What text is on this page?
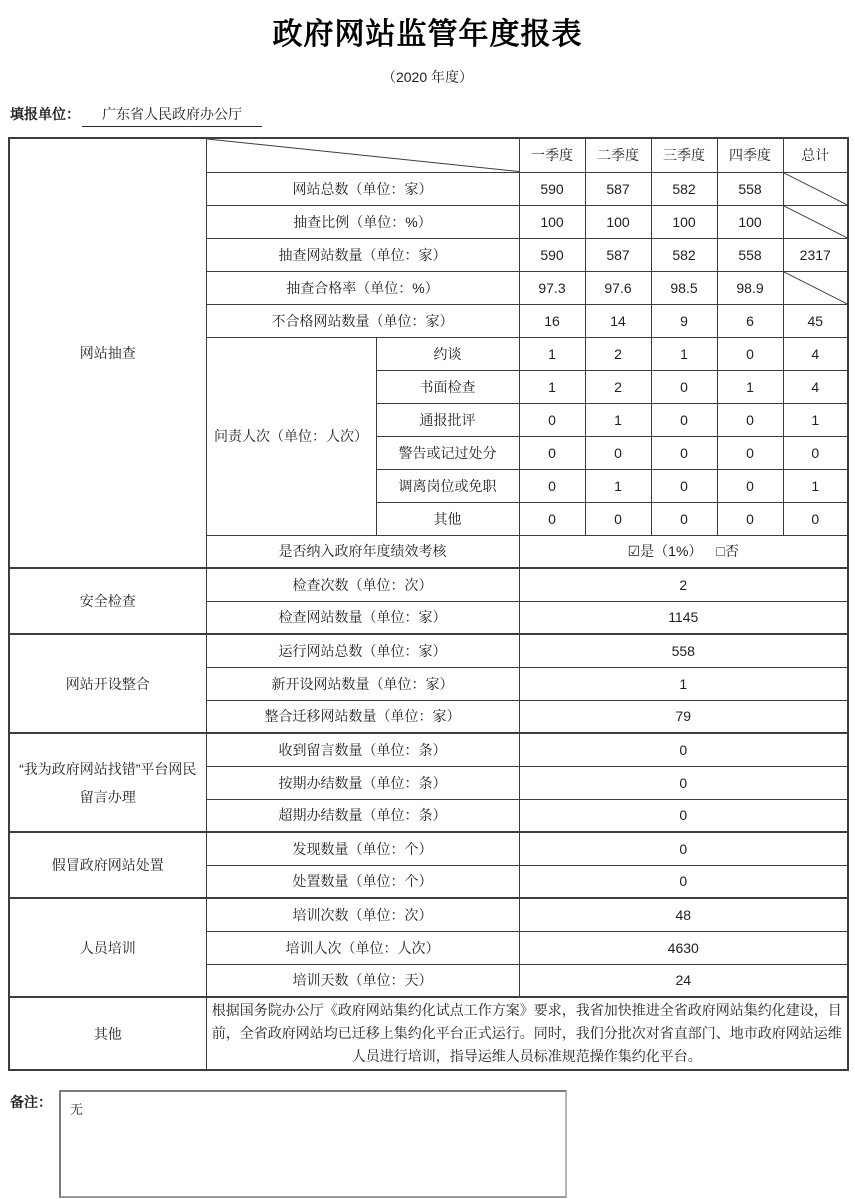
政府网站监管年度报表
（2020 年度）
填报单位： 广东省人民政府办公厅
网站抽查			一季度	二季度	三季度	四季度	总计
	网站总数（单位：家）		590	587	582	558	

	抽查比例（单位：%）		100	100	100	100	

	抽查网站数量（单位：家）		590	587	582	558	2317
	抽查合格率（单位：%）		97.3	97.6	98.5	98.9	

	不合格网站数量（单位：家）		16	14	9	6	45
	问责人次（单位：人次）	约谈	1	2	1	0	4
		书面检查	1	2	0	1	4
		通报批评	0	1	0	0	1
		警告或记过处分	0	0	0	0	0
		调离岗位或免职	0	1	0	0	1
		其他	0	0	0	0	0
	是否纳入政府年度绩效考核		☑是（1%） □否				
安全检查	检查次数（单位：次）		2				
	检查网站数量（单位：家）		1145				
网站开设整合	运行网站总数（单位：家）		558				
	新开设网站数量（单位：家）		1				
	整合迁移网站数量（单位：家）		79				
“我为政府网站找错”平台网民留言办理	收到留言数量（单位：条）		0				
	按期办结数量（单位：条）		0				
	超期办结数量（单位：条）		0				
假冒政府网站处置	发现数量（单位：个）		0				
	处置数量（单位：个）		0				
人员培训	培训次数（单位：次）		48				
	培训人次（单位：人次）		4630				
	培训天数（单位：天）		24				
其他	根据国务院办公厅《政府网站集约化试点工作方案》要求，我省加快推进全省政府网站集约化建设，目前，全省政府网站均已迁移上集约化平台正式运行。同时，我们分批次对省直部门、地市政府网站运维人员进行培训，指导运维人员标准规范操作集约化平台。						
备注：	无
